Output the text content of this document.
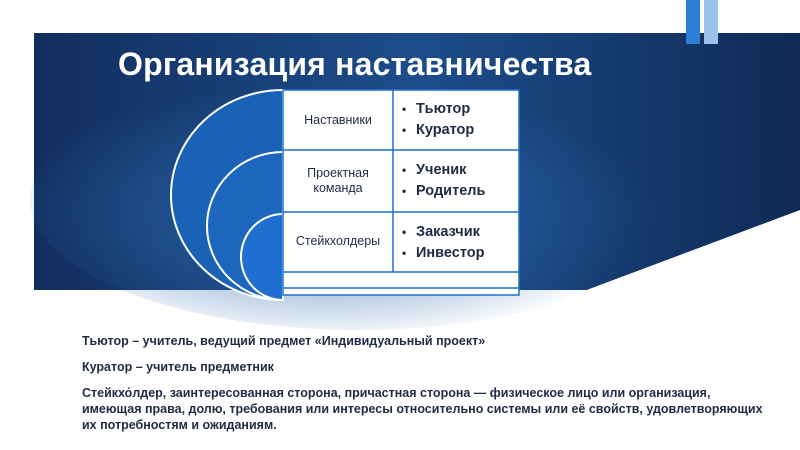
Организация наставничества
Наставники
Проектная команда
Стейкхолдеры
• Тьютор
• Куратор
• Ученик
• Родитель
• Заказчик
• Инвестор

Тьютор – учитель, ведущий предмет «Индивидуальный проект»

Куратор – учитель предметник

Стейкхо́лдер, заинтересованная сторона, причастная сторона — физическое лицо или организация, имеющая права, долю, требования или интересы относительно системы или её свойств, удовлетворяющих их потребностям и ожиданиям.
